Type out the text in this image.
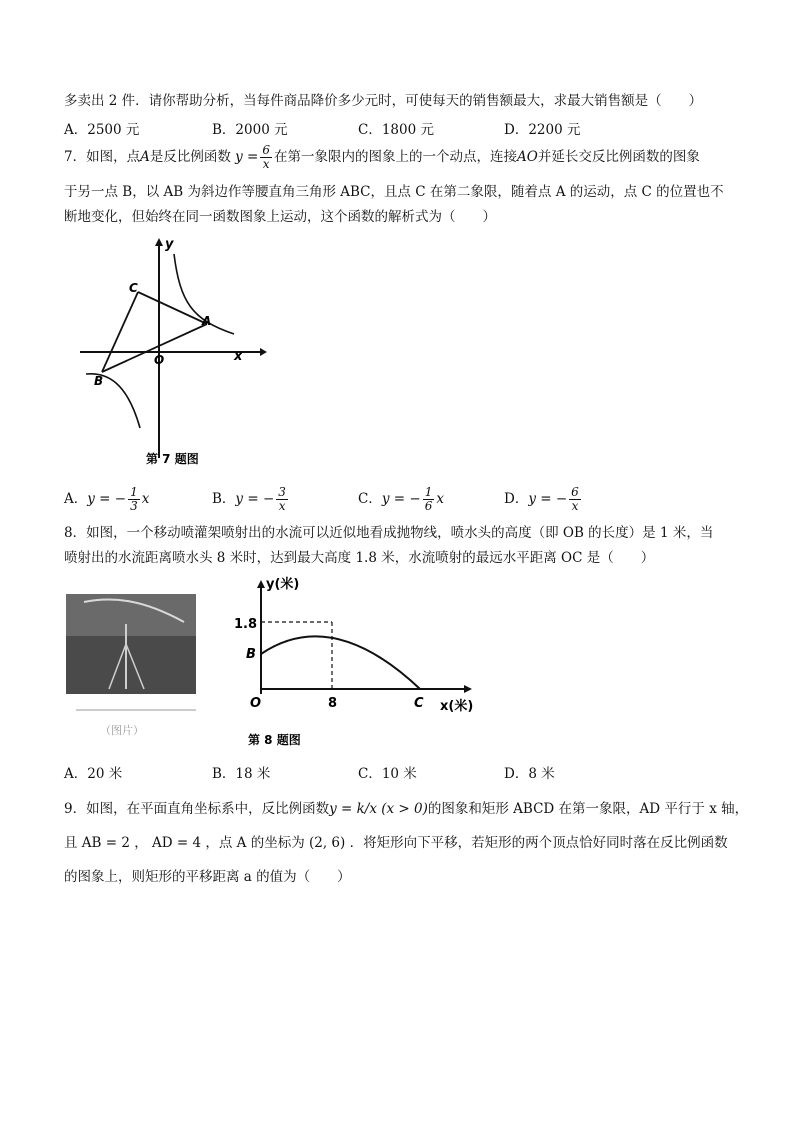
多卖出 2 件．请你帮助分析，当每件商品降价多少元时，可使每天的销售额最大，求最大销售额是（　　）
A．2500 元	B．2000 元	C．1800 元	D．2200 元
7．如图，点A是反比例函数 $y = \frac{6}{x}$ 在第一象限内的图象上的一个动点，连接AO并延长交反比例函数的图象
于另一点 B，以 AB 为斜边作等腰直角三角形 ABC，且点 C 在第二象限，随着点 A 的运动，点 C 的位置也不
断地变化，但始终在同一函数图象上运动，这个函数的解析式为（　　）
y
x
O
A
B
C
第 7 题图
A．y = − $\frac{1}{3}$ x	B．y = − $\frac{3}{x}$	C．y = − $\frac{1}{6}$ x	D．y = − $\frac{6}{x}$
8．如图，一个移动喷灌架喷射出的水流可以近似地看成抛物线，喷水头的高度（即 OB 的长度）是 1 米，当
喷射出的水流距离喷水头 8 米时，达到最大高度 1.8 米，水流喷射的最远水平距离 OC 是（　　）
（图片）
y(米)
x(米)
1.8
B
O	8	C
第 8 题图
A．20 米	B．18 米	C．10 米	D．8 米
9．如图，在平面直角坐标系中，反比例函数y = k/x (x > 0)的图象和矩形 ABCD 在第一象限，AD 平行于 x 轴，
且 AB = 2 ， AD = 4 ，点 A 的坐标为 (2, 6) ．将矩形向下平移，若矩形的两个顶点恰好同时落在反比例函数
的图象上，则矩形的平移距离 a 的值为（　　）
